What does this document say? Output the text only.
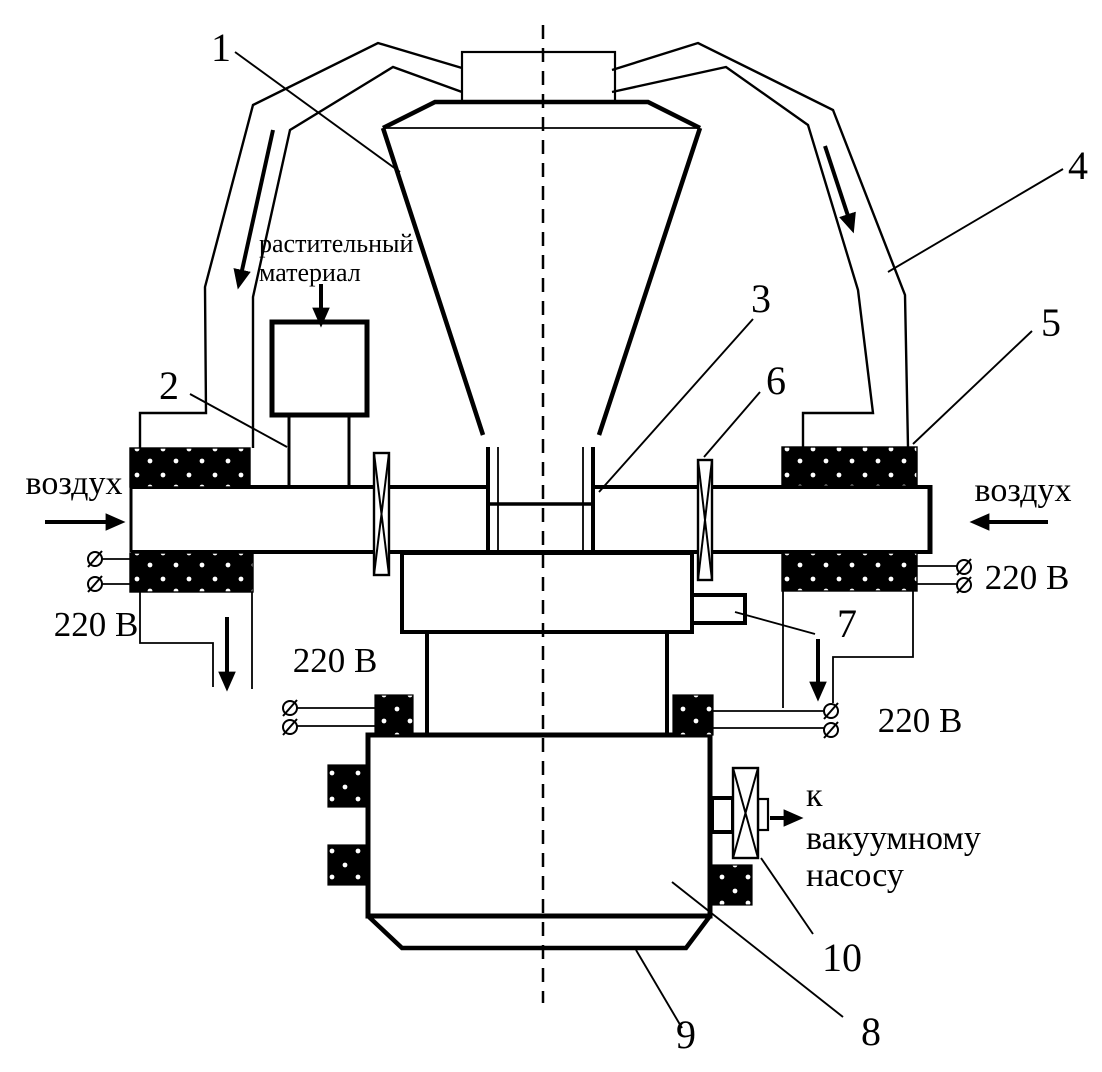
1
2
3
4
5
6
7
8
9
10
воздух	воздух
220 В
220 В
220 В
220 В
растительный
материал
к
вакуумному
насосу
